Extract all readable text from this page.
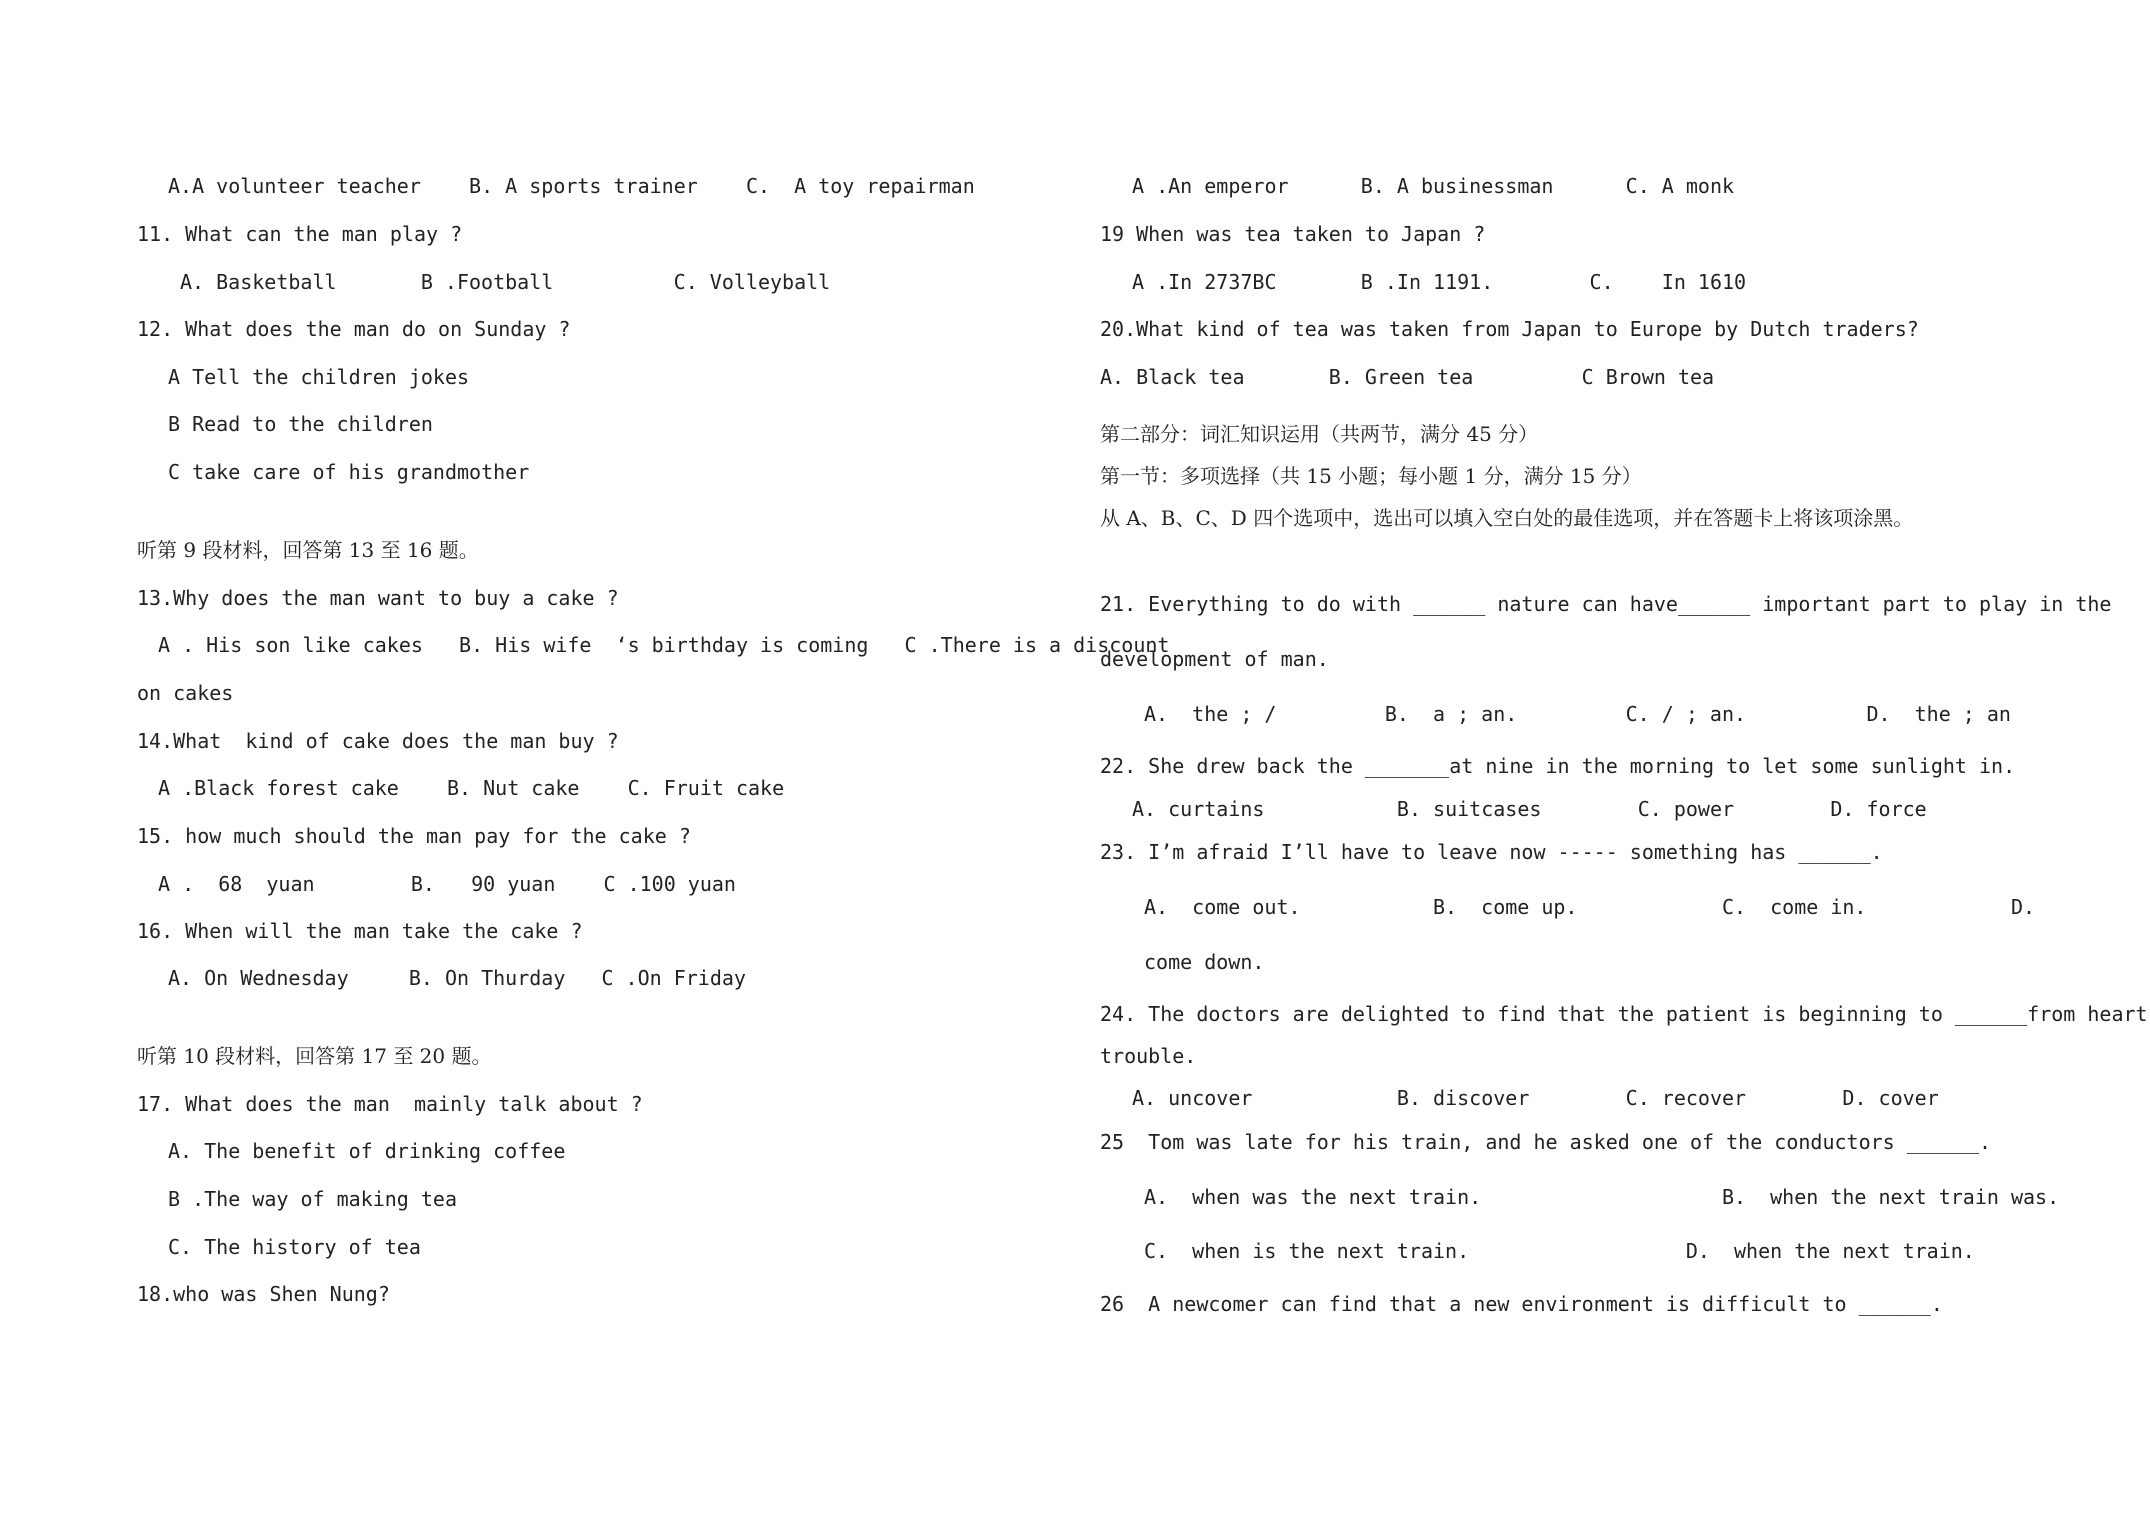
A.A volunteer teacher    B. A sports trainer    C.  A toy repairman
11. What can the man play ?
A. Basketball       B .Football          C. Volleyball
12. What does the man do on Sunday ?
A Tell the children jokes
B Read to the children
C take care of his grandmother
听第 9 段材料，回答第 13 至 16 题。
13.Why does the man want to buy a cake ?
A . His son like cakes   B. His wife  ‘s birthday is coming   C .There is a discount
on cakes
14.What  kind of cake does the man buy ?
A .Black forest cake    B. Nut cake    C. Fruit cake
15. how much should the man pay for the cake ?
A .  68  yuan        B.   90 yuan    C .100 yuan
16. When will the man take the cake ?
A. On Wednesday     B. On Thurday   C .On Friday
听第 10 段材料，回答第 17 至 20 题。
17. What does the man  mainly talk about ?
A. The benefit of drinking coffee
B .The way of making tea
C. The history of tea
18.who was Shen Nung?
A .An emperor      B. A businessman      C. A monk
19 When was tea taken to Japan ?
A .In 2737BC       B .In 1191.        C.    In 1610
20.What kind of tea was taken from Japan to Europe by Dutch traders?
A. Black tea       B. Green tea         C Brown tea
第二部分：词汇知识运用（共两节，满分 45 分）
第一节：多项选择（共 15 小题；每小题 1 分，满分 15 分）
从 A、B、C、D 四个选项中，选出可以填入空白处的最佳选项，并在答题卡上将该项涂黑。
21. Everything to do with ______ nature can have______ important part to play in the
development of man.
A.  the ; /         B.  a ; an.         C. / ; an.          D.  the ; an
22. She drew back the _______at nine in the morning to let some sunlight in.
A. curtains           B. suitcases        C. power        D. force
23. I’m afraid I’ll have to leave now ----- something has ______.
A.  come out.           B.  come up.            C.  come in.            D.
come down.
24. The doctors are delighted to find that the patient is beginning to ______from heart
trouble.
A. uncover            B. discover        C. recover        D. cover
25  Tom was late for his train, and he asked one of the conductors ______.
A.  when was the next train.                    B.  when the next train was.
C.  when is the next train.                  D.  when the next train.
26  A newcomer can find that a new environment is difficult to ______.
